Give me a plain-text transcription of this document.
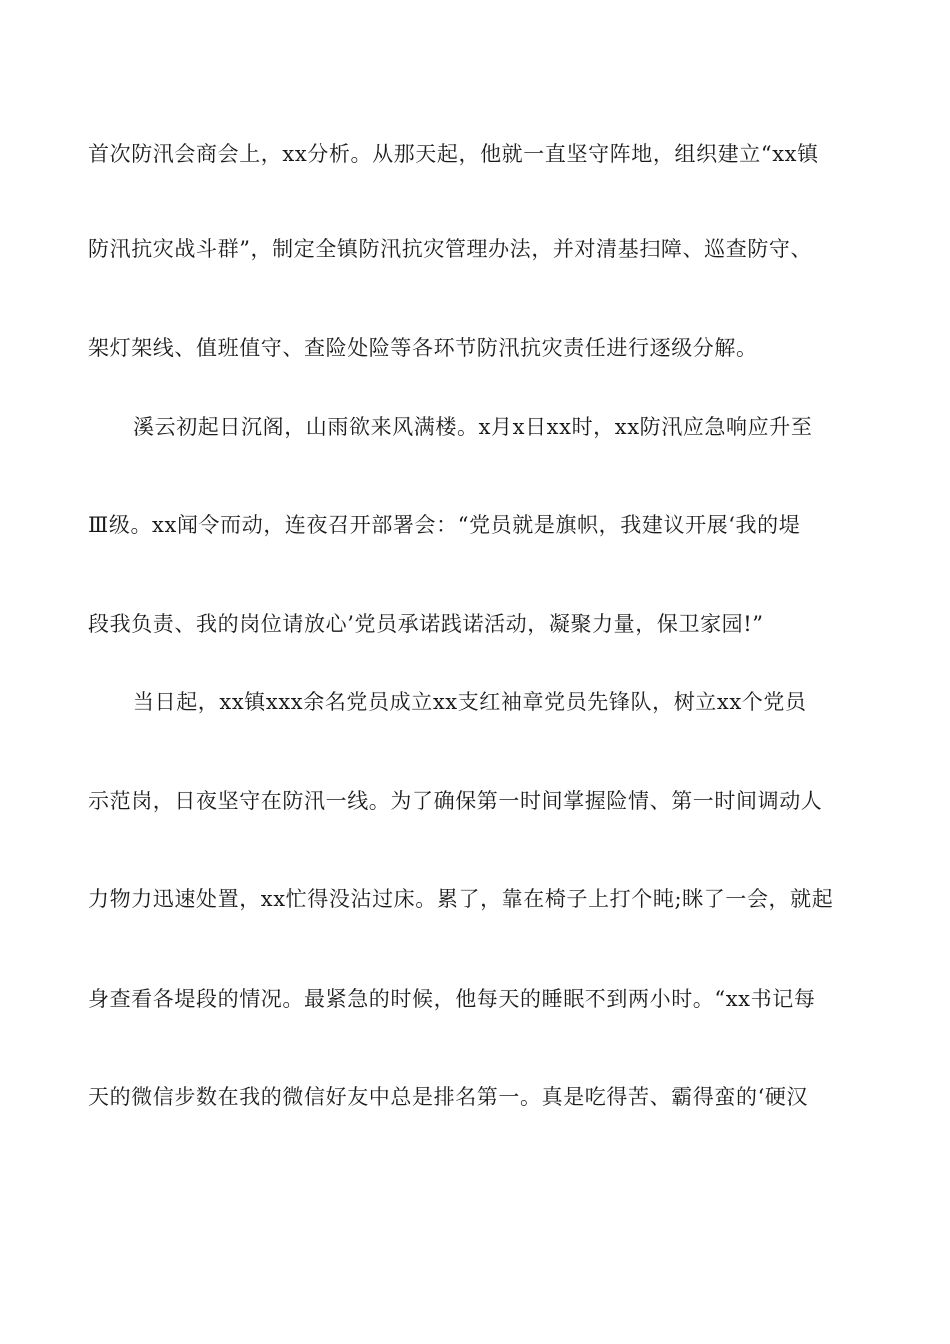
首次防汛会商会上，xx分析。从那天起，他就一直坚守阵地，组织建立“xx镇
防汛抗灾战斗群”，制定全镇防汛抗灾管理办法，并对清基扫障、巡查防守、
架灯架线、值班值守、查险处险等各环节防汛抗灾责任进行逐级分解。
溪云初起日沉阁，山雨欲来风满楼。x月x日xx时，xx防汛应急响应升至
Ⅲ级。xx闻令而动，连夜召开部署会：“党员就是旗帜，我建议开展‘我的堤
段我负责、我的岗位请放心’党员承诺践诺活动，凝聚力量，保卫家园!”
当日起，xx镇xxx余名党员成立xx支红袖章党员先锋队，树立xx个党员
示范岗，日夜坚守在防汛一线。为了确保第一时间掌握险情、第一时间调动人
力物力迅速处置，xx忙得没沾过床。累了，靠在椅子上打个盹;眯了一会，就起
身查看各堤段的情况。最紧急的时候，他每天的睡眠不到两小时。“xx书记每
天的微信步数在我的微信好友中总是排名第一。真是吃得苦、霸得蛮的‘硬汉
